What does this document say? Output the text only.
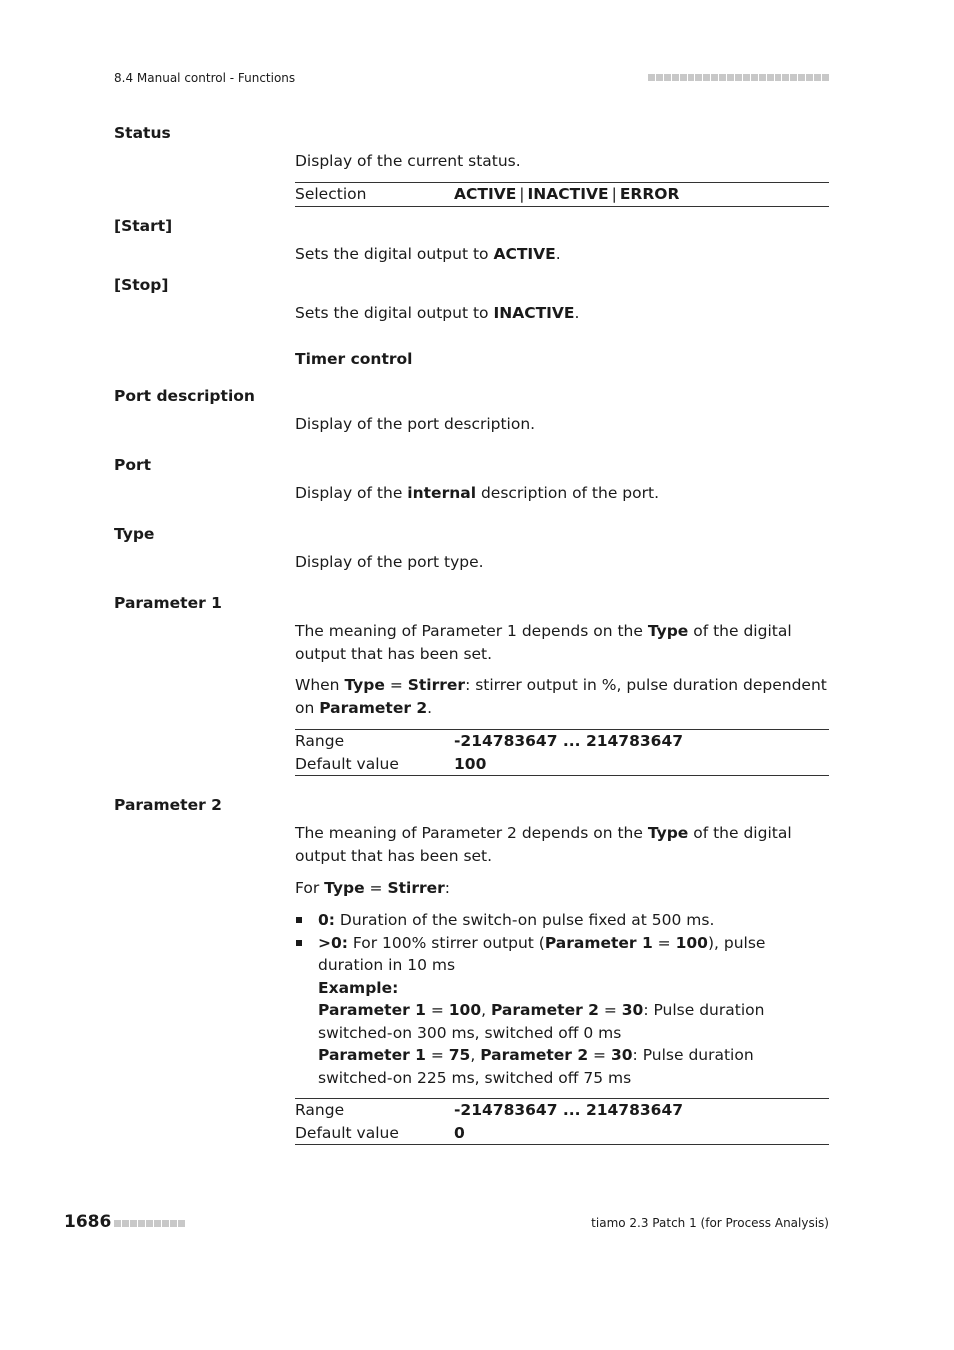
8.4 Manual control - Functions
Status
Display of the current status.
Selection	ACTIVE | INACTIVE | ERROR
[Start]
Sets the digital output to ACTIVE.
[Stop]
Sets the digital output to INACTIVE.
Timer control
Port description
Display of the port description.
Port
Display of the internal description of the port.
Type
Display of the port type.
Parameter 1
The meaning of Parameter 1 depends on the Type of the digital output that has been set.
When Type = Stirrer: stirrer output in %, pulse duration dependent on Parameter 2.
Range	-214783647 ... 214783647
Default value	100
Parameter 2
The meaning of Parameter 2 depends on the Type of the digital output that has been set.
For Type = Stirrer:
0: Duration of the switch-on pulse fixed at 500 ms.
>0: For 100% stirrer output (Parameter 1 = 100), pulse duration in 10 ms
Example:
Parameter 1 = 100, Parameter 2 = 30: Pulse duration switched-on 300 ms, switched off 0 ms
Parameter 1 = 75, Parameter 2 = 30: Pulse duration switched-on 225 ms, switched off 75 ms
Range	-214783647 ... 214783647
Default value	0
1686	tiamo 2.3 Patch 1 (for Process Analysis)
